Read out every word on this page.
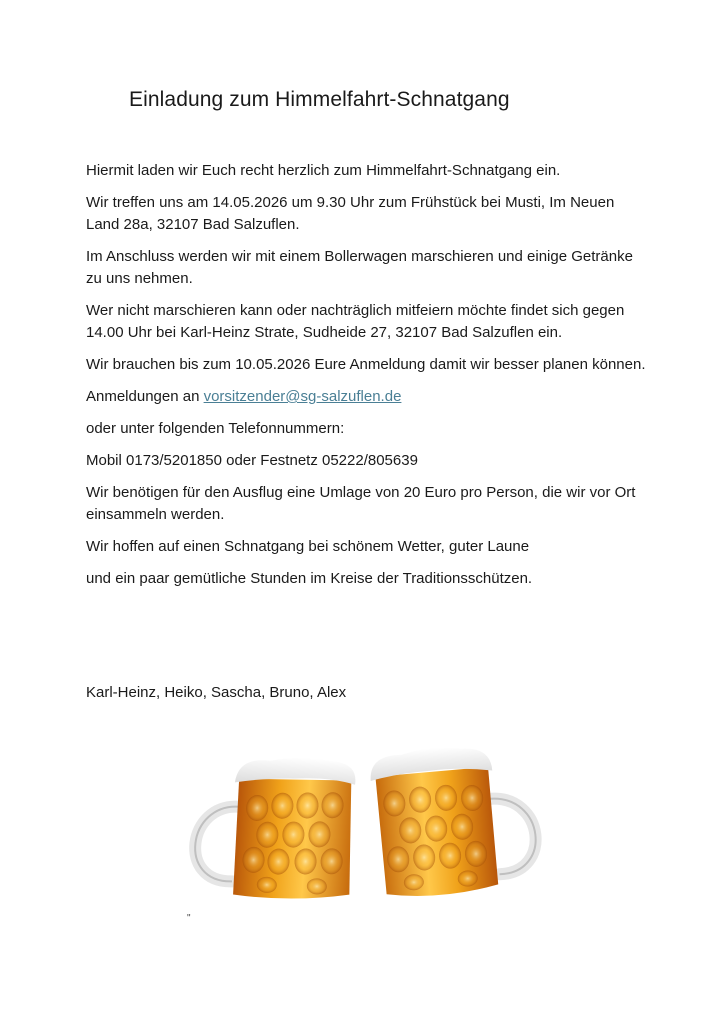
Einladung zum Himmelfahrt-Schnatgang

Hiermit laden wir Euch recht herzlich zum Himmelfahrt-Schnatgang ein.

Wir treffen uns am 14.05.2026 um 9.30 Uhr zum Frühstück bei Musti, Im Neuen Land 28a, 32107 Bad Salzuflen.

Im Anschluss werden wir mit einem Bollerwagen marschieren und einige Getränke zu uns nehmen.

Wer nicht marschieren kann oder nachträglich mitfeiern möchte findet sich gegen 14.00 Uhr bei Karl-Heinz Strate, Sudheide 27, 32107 Bad Salzuflen ein.

Wir brauchen bis zum 10.05.2026 Eure Anmeldung damit wir besser planen können.

Anmeldungen an vorsitzender@sg-salzuflen.de

oder unter folgenden Telefonnummern:

Mobil 0173/5201850 oder Festnetz 05222/805639

Wir benötigen für den Ausflug eine Umlage von 20 Euro pro Person, die wir vor Ort einsammeln werden.

Wir hoffen auf einen Schnatgang bei schönem Wetter, guter Laune

und ein paar gemütliche Stunden im Kreise der Traditionsschützen.

Karl-Heinz, Heiko, Sascha, Bruno, Alex
"
